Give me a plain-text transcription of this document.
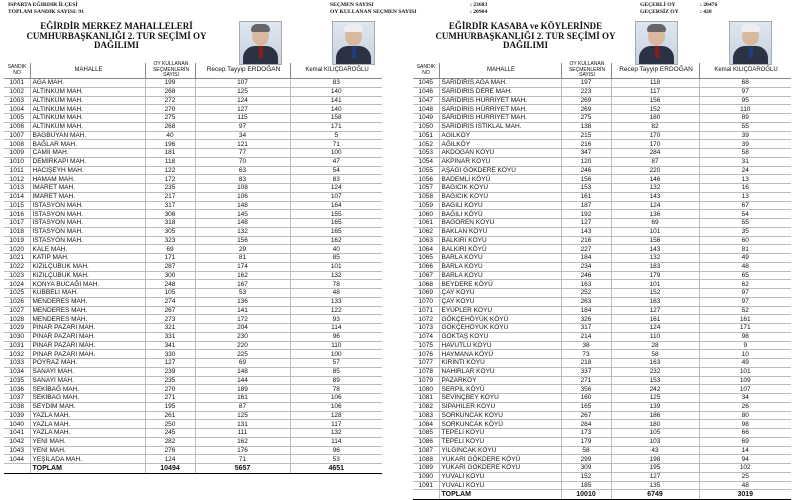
ISPARTA EĞIRDIR İLÇESİ
TOPLAM SANDIK SAYISI: 91
SEÇMEN SAYISI
OY KULLANAN SEÇMEN SAYISI
: 23683
: 20904
GEÇERLİ OY
GEÇERSİZ OY
: 20476
: 428
EĞİRDİR MERKEZ MAHALLELERİ CUMHURBAŞKANLIĞI 2. TUR SEÇİMİ OY DAĞILIMI
SANDIK NO	MAHALLE
OY KULLANAN SEÇMENLERİN SAYISI
Recep Tayyip ERDOĞAN	Kemal KILIÇDAROĞLU
1001	AĞA MAH.	199	107	83
1002	ALTINKUM MAH.	268	125	140
1003	ALTINKUM MAH.	272	124	141
1004	ALTINKUM MAH.	270	127	140
1005	ALTINKUM MAH.	275	115	158
1006	ALTINKUM MAH.	268	97	171
1007	BAĞBUYAN MAH.	40	34	5
1008	BAĞLAR MAH.	196	121	71
1009	CAMİİ MAH.	181	77	100
1010	DEMİRKAPI MAH.	118	70	47
1011	HACIŞEYH MAH.	122	63	54
1012	HAMAM MAH.	172	83	83
1013	İMARET MAH.	235	108	124
1014	İMARET MAH.	217	106	107
1015	İSTASYON MAH.	317	148	164
1016	İSTASYON MAH.	306	145	155
1017	İSTASYON MAH.	318	148	165
1018	İSTASYON MAH.	305	132	165
1019	İSTASYON MAH.	323	156	162
1020	KALE MAH.	69	29	40
1021	KATİP MAH.	171	81	85
1022	KIZILÇUBUK MAH.	287	174	101
1023	KIZILÇUBUK MAH.	300	162	132
1024	KONYA BUCAĞI MAH.	248	167	78
1025	KUBBELİ MAH.	105	53	48
1026	MENDERES MAH.	274	136	133
1027	MENDERES MAH.	267	141	122
1028	MENDERES MAH.	273	172	93
1029	PINAR PAZARI MAH.	321	204	114
1030	PINAR PAZARI MAH.	331	230	96
1031	PINAR PAZARI MAH.	341	220	110
1032	PINAR PAZARI MAH.	330	225	100
1033	POYRAZ MAH.	127	69	57
1034	SANAYİ MAH.	239	148	85
1035	SANAYİ MAH.	235	144	89
1036	SEKİBAĞ MAH.	270	189	78
1037	SEKİBAĞ MAH.	271	161	106
1038	SEYDİM MAH.	195	87	106
1039	YAZLA MAH.	261	125	128
1040	YAZLA MAH.	250	131	117
1041	YAZLA MAH.	245	111	132
1042	YENİ MAH.	282	162	114
1043	YENİ MAH.	276	176	96
1044	YEŞİLADA MAH.	124	71	53
	TOPLAM	10494	5657	4651
EĞİRDİR KASABA ve KÖYLERİNDE CUMHURBAŞKANLIĞI 2. TUR SEÇİMİ OY DAĞILIMI
SANDIK NO	MAHALLE
OY KULLANAN SEÇMENLERİN SAYISI
Recep Tayyip ERDOĞAN	Kemal KILIÇDAROĞLU
1045	SARIDİRİS AĞA MAH.	197	118	68
1046	SARIDİRİS DERE MAH.	223	117	97
1047	SARIDİRİS HÜRRİYET MAH.	269	156	95
1048	SARIDİRİS HÜRRİYET MAH.	269	152	110
1049	SARIDİRİS HÜRRİYET MAH.	275	180	89
1050	SARIDİRİS İSTİKLAL MAH.	138	82	55
1051	AĞILKÖY	215	170	39
1052	AĞILKÖY	216	170	39
1053	AKDOĞAN KÖYÜ	347	284	58
1054	AKPINAR KÖYÜ	120	87	31
1055	AŞAĞI GÖKDERE KÖYÜ	246	220	24
1056	BADEMLİ KÖYÜ	156	146	13
1057	BAĞICIK KÖYÜ	153	132	16
1058	BAĞICIK KÖYÜ	161	143	13
1059	BAĞILI KÖYÜ	187	124	67
1060	BAĞILI KÖYÜ	192	136	54
1061	BAĞÖREN KÖYÜ	127	69	55
1062	BAKLAN KÖYÜ	143	101	35
1063	BALKIRI KÖYÜ	216	156	60
1064	BALKIRI KÖYÜ	227	143	81
1065	BARLA KÖYÜ	184	132	49
1066	BARLA KÖYÜ	234	183	48
1067	BARLA KÖYÜ	246	179	65
1068	BEYDERE KÖYÜ	163	101	62
1069	ÇAY KÖYÜ	252	152	97
1070	ÇAY KÖYÜ	263	163	97
1071	EYÜPLER KÖYÜ	184	127	52
1072	GÖKÇEHÖYÜK KÖYÜ	326	161	161
1073	GÖKÇEHÖYÜK KÖYÜ	317	124	171
1074	GÖKTAŞ KÖYÜ	214	110	98
1075	HAVUTLU KÖYÜ	38	28	9
1076	HAYMANA KÖYÜ	73	58	10
1077	KIRINTI KÖYÜ	218	163	49
1078	NAHIRLAR KÖYÜ	337	232	101
1079	PAZARKÖY	271	153	109
1080	SERPİL KÖYÜ	356	242	107
1081	SEVİNÇBEY KÖYÜ	160	125	34
1082	SİPAHİLER KÖYÜ	165	139	26
1083	SORKUNCAK KÖYÜ	267	186	80
1084	SORKUNCAK KÖYÜ	284	180	98
1085	TEPELİ KÖYÜ	173	105	66
1086	TEPELİ KÖYÜ	179	103	69
1087	YILGINCAK KÖYÜ	58	43	14
1088	YUKARI GÖKDERE KÖYÜ	299	198	94
1089	YUKARI GÖKDERE KÖYÜ	309	195	102
1090	YUVALI KÖYÜ	152	127	25
1091	YUVALI KÖYÜ	185	135	48
	TOPLAM	10010	6749	3019
